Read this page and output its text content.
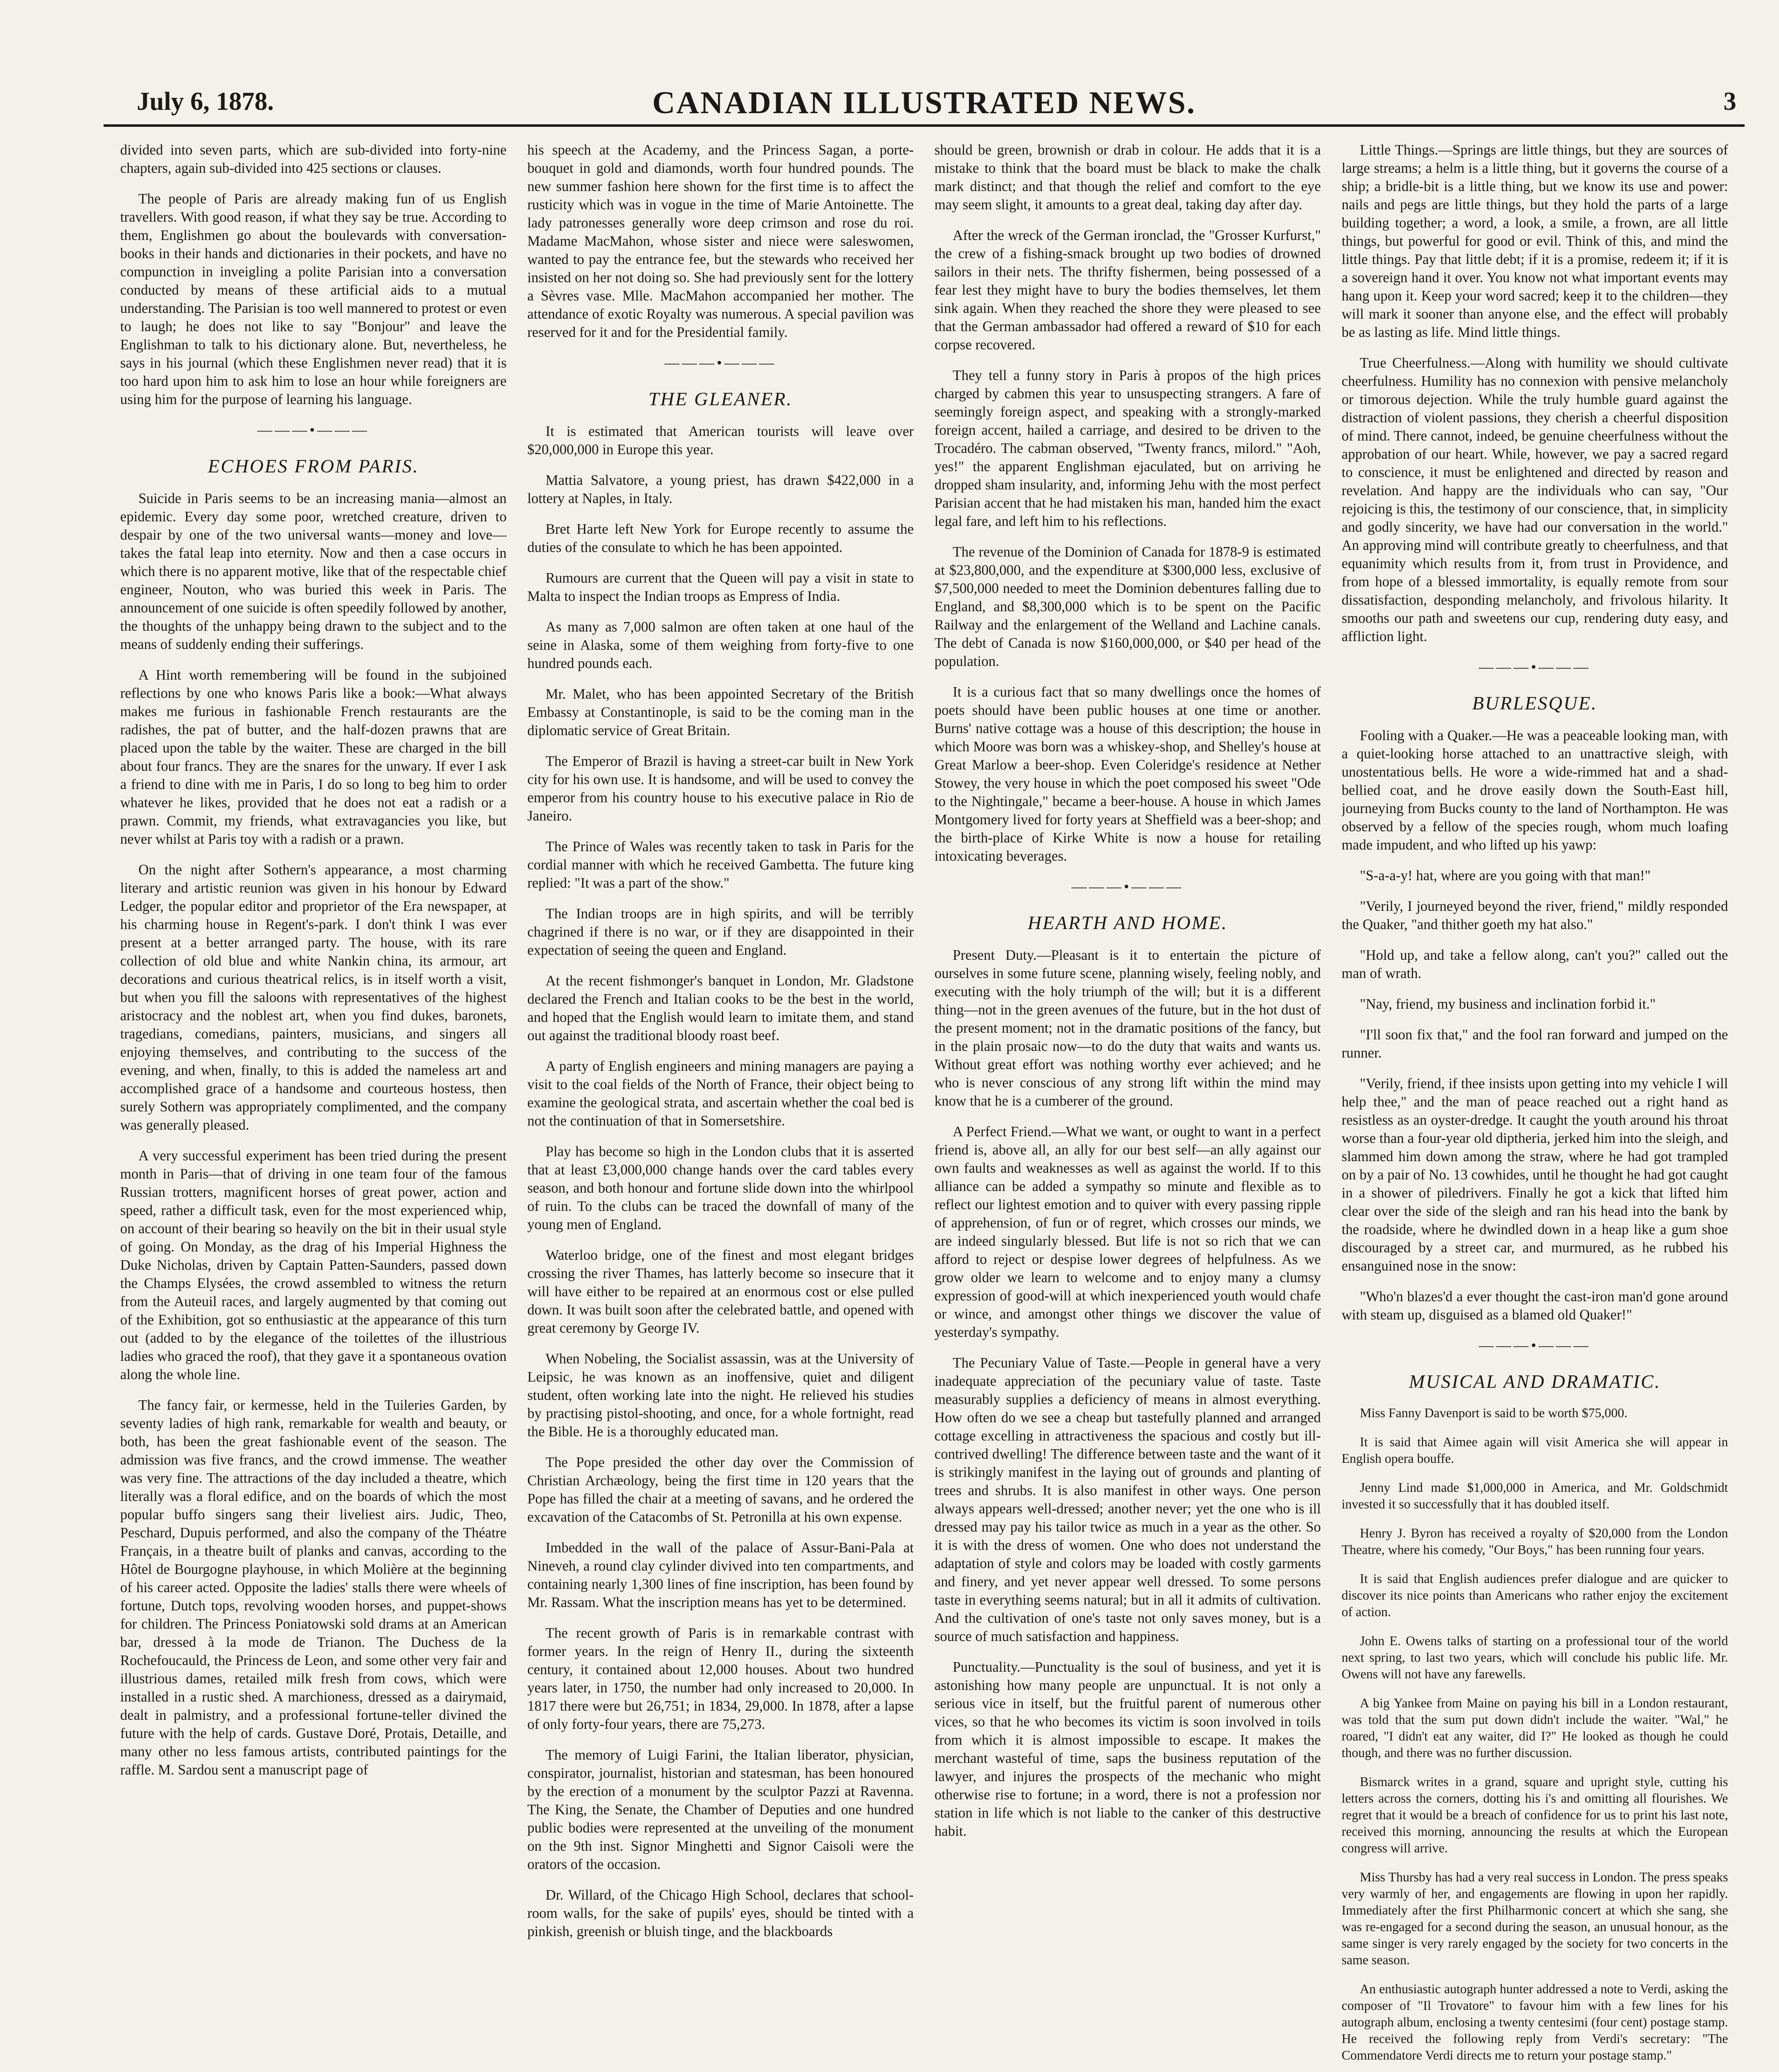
July 6, 1878.	CANADIAN ILLUSTRATED NEWS.	3

divided into seven parts, which are sub-divided into forty-nine chapters, again sub-divided into 425 sections or clauses.

The people of Paris are already making fun of us English travellers. With good reason, if what they say be true. According to them, Englishmen go about the boulevards with conversation-books in their hands and dictionaries in their pockets, and have no compunction in inveigling a polite Parisian into a conversation conducted by means of these artificial aids to a mutual understanding. The Parisian is too well mannered to protest or even to laugh; he does not like to say "Bonjour" and leave the Englishman to talk to his dictionary alone. But, nevertheless, he says in his journal (which these Englishmen never read) that it is too hard upon him to ask him to lose an hour while foreigners are using him for the purpose of learning his language.

———•———
ECHOES FROM PARIS.

Suicide in Paris seems to be an increasing mania—almost an epidemic. Every day some poor, wretched creature, driven to despair by one of the two universal wants—money and love—takes the fatal leap into eternity. Now and then a case occurs in which there is no apparent motive, like that of the respectable chief engineer, Nouton, who was buried this week in Paris. The announcement of one suicide is often speedily followed by another, the thoughts of the unhappy being drawn to the subject and to the means of suddenly ending their sufferings.

A Hint worth remembering will be found in the subjoined reflections by one who knows Paris like a book:—What always makes me furious in fashionable French restaurants are the radishes, the pat of butter, and the half-dozen prawns that are placed upon the table by the waiter. These are charged in the bill about four francs. They are the snares for the unwary. If ever I ask a friend to dine with me in Paris, I do so long to beg him to order whatever he likes, provided that he does not eat a radish or a prawn. Commit, my friends, what extravagancies you like, but never whilst at Paris toy with a radish or a prawn.

On the night after Sothern's appearance, a most charming literary and artistic reunion was given in his honour by Edward Ledger, the popular editor and proprietor of the Era newspaper, at his charming house in Regent's-park. I don't think I was ever present at a better arranged party. The house, with its rare collection of old blue and white Nankin china, its armour, art decorations and curious theatrical relics, is in itself worth a visit, but when you fill the saloons with representatives of the highest aristocracy and the noblest art, when you find dukes, baronets, tragedians, comedians, painters, musicians, and singers all enjoying themselves, and contributing to the success of the evening, and when, finally, to this is added the nameless art and accomplished grace of a handsome and courteous hostess, then surely Sothern was appropriately complimented, and the company was generally pleased.

A very successful experiment has been tried during the present month in Paris—that of driving in one team four of the famous Russian trotters, magnificent horses of great power, action and speed, rather a difficult task, even for the most experienced whip, on account of their bearing so heavily on the bit in their usual style of going. On Monday, as the drag of his Imperial Highness the Duke Nicholas, driven by Captain Patten-Saunders, passed down the Champs Elysées, the crowd assembled to witness the return from the Auteuil races, and largely augmented by that coming out of the Exhibition, got so enthusiastic at the appearance of this turn out (added to by the elegance of the toilettes of the illustrious ladies who graced the roof), that they gave it a spontaneous ovation along the whole line.

The fancy fair, or kermesse, held in the Tuileries Garden, by seventy ladies of high rank, remarkable for wealth and beauty, or both, has been the great fashionable event of the season. The admission was five francs, and the crowd immense. The weather was very fine. The attractions of the day included a theatre, which literally was a floral edifice, and on the boards of which the most popular buffo singers sang their liveliest airs. Judic, Theo, Peschard, Dupuis performed, and also the company of the Théatre Français, in a theatre built of planks and canvas, according to the Hôtel de Bourgogne playhouse, in which Molière at the beginning of his career acted. Opposite the ladies' stalls there were wheels of fortune, Dutch tops, revolving wooden horses, and puppet-shows for children. The Princess Poniatowski sold drams at an American bar, dressed à la mode de Trianon. The Duchess de la Rochefoucauld, the Princess de Leon, and some other very fair and illustrious dames, retailed milk fresh from cows, which were installed in a rustic shed. A marchioness, dressed as a dairymaid, dealt in palmistry, and a professional fortune-teller divined the future with the help of cards. Gustave Doré, Protais, Detaille, and many other no less famous artists, contributed paintings for the raffle. M. Sardou sent a manuscript page of

his speech at the Academy, and the Princess Sagan, a porte-bouquet in gold and diamonds, worth four hundred pounds. The new summer fashion here shown for the first time is to affect the rusticity which was in vogue in the time of Marie Antoinette. The lady patronesses generally wore deep crimson and rose du roi. Madame MacMahon, whose sister and niece were saleswomen, wanted to pay the entrance fee, but the stewards who received her insisted on her not doing so. She had previously sent for the lottery a Sèvres vase. Mlle. MacMahon accompanied her mother. The attendance of exotic Royalty was numerous. A special pavilion was reserved for it and for the Presidential family.

———•———
THE GLEANER.

It is estimated that American tourists will leave over $20,000,000 in Europe this year.

Mattia Salvatore, a young priest, has drawn $422,000 in a lottery at Naples, in Italy.

Bret Harte left New York for Europe recently to assume the duties of the consulate to which he has been appointed.

Rumours are current that the Queen will pay a visit in state to Malta to inspect the Indian troops as Empress of India.

As many as 7,000 salmon are often taken at one haul of the seine in Alaska, some of them weighing from forty-five to one hundred pounds each.

Mr. Malet, who has been appointed Secretary of the British Embassy at Constantinople, is said to be the coming man in the diplomatic service of Great Britain.

The Emperor of Brazil is having a street-car built in New York city for his own use. It is handsome, and will be used to convey the emperor from his country house to his executive palace in Rio de Janeiro.

The Prince of Wales was recently taken to task in Paris for the cordial manner with which he received Gambetta. The future king replied: "It was a part of the show."

The Indian troops are in high spirits, and will be terribly chagrined if there is no war, or if they are disappointed in their expectation of seeing the queen and England.

At the recent fishmonger's banquet in London, Mr. Gladstone declared the French and Italian cooks to be the best in the world, and hoped that the English would learn to imitate them, and stand out against the traditional bloody roast beef.

A party of English engineers and mining managers are paying a visit to the coal fields of the North of France, their object being to examine the geological strata, and ascertain whether the coal bed is not the continuation of that in Somersetshire.

Play has become so high in the London clubs that it is asserted that at least £3,000,000 change hands over the card tables every season, and both honour and fortune slide down into the whirlpool of ruin. To the clubs can be traced the downfall of many of the young men of England.

Waterloo bridge, one of the finest and most elegant bridges crossing the river Thames, has latterly become so insecure that it will have either to be repaired at an enormous cost or else pulled down. It was built soon after the celebrated battle, and opened with great ceremony by George IV.

When Nobeling, the Socialist assassin, was at the University of Leipsic, he was known as an inoffensive, quiet and diligent student, often working late into the night. He relieved his studies by practising pistol-shooting, and once, for a whole fortnight, read the Bible. He is a thoroughly educated man.

The Pope presided the other day over the Commission of Christian Archæology, being the first time in 120 years that the Pope has filled the chair at a meeting of savans, and he ordered the excavation of the Catacombs of St. Petronilla at his own expense.

Imbedded in the wall of the palace of Assur-Bani-Pala at Nineveh, a round clay cylinder divived into ten compartments, and containing nearly 1,300 lines of fine inscription, has been found by Mr. Rassam. What the inscription means has yet to be determined.

The recent growth of Paris is in remarkable contrast with former years. In the reign of Henry II., during the sixteenth century, it contained about 12,000 houses. About two hundred years later, in 1750, the number had only increased to 20,000. In 1817 there were but 26,751; in 1834, 29,000. In 1878, after a lapse of only forty-four years, there are 75,273.

The memory of Luigi Farini, the Italian liberator, physician, conspirator, journalist, historian and statesman, has been honoured by the erection of a monument by the sculptor Pazzi at Ravenna. The King, the Senate, the Chamber of Deputies and one hundred public bodies were represented at the unveiling of the monument on the 9th inst. Signor Minghetti and Signor Caisoli were the orators of the occasion.

Dr. Willard, of the Chicago High School, declares that school-room walls, for the sake of pupils' eyes, should be tinted with a pinkish, greenish or bluish tinge, and the blackboards

should be green, brownish or drab in colour. He adds that it is a mistake to think that the board must be black to make the chalk mark distinct; and that though the relief and comfort to the eye may seem slight, it amounts to a great deal, taking day after day.

After the wreck of the German ironclad, the "Grosser Kurfurst," the crew of a fishing-smack brought up two bodies of drowned sailors in their nets. The thrifty fishermen, being possessed of a fear lest they might have to bury the bodies themselves, let them sink again. When they reached the shore they were pleased to see that the German ambassador had offered a reward of $10 for each corpse recovered.

They tell a funny story in Paris à propos of the high prices charged by cabmen this year to unsuspecting strangers. A fare of seemingly foreign aspect, and speaking with a strongly-marked foreign accent, hailed a carriage, and desired to be driven to the Trocadéro. The cabman observed, "Twenty francs, milord." "Aoh, yes!" the apparent Englishman ejaculated, but on arriving he dropped sham insularity, and, informing Jehu with the most perfect Parisian accent that he had mistaken his man, handed him the exact legal fare, and left him to his reflections.

The revenue of the Dominion of Canada for 1878-9 is estimated at $23,800,000, and the expenditure at $300,000 less, exclusive of $7,500,000 needed to meet the Dominion debentures falling due to England, and $8,300,000 which is to be spent on the Pacific Railway and the enlargement of the Welland and Lachine canals. The debt of Canada is now $160,000,000, or $40 per head of the population.

It is a curious fact that so many dwellings once the homes of poets should have been public houses at one time or another. Burns' native cottage was a house of this description; the house in which Moore was born was a whiskey-shop, and Shelley's house at Great Marlow a beer-shop. Even Coleridge's residence at Nether Stowey, the very house in which the poet composed his sweet "Ode to the Nightingale," became a beer-house. A house in which James Montgomery lived for forty years at Sheffield was a beer-shop; and the birth-place of Kirke White is now a house for retailing intoxicating beverages.

———•———
HEARTH AND HOME.

Present Duty.—Pleasant is it to entertain the picture of ourselves in some future scene, planning wisely, feeling nobly, and executing with the holy triumph of the will; but it is a different thing—not in the green avenues of the future, but in the hot dust of the present moment; not in the dramatic positions of the fancy, but in the plain prosaic now—to do the duty that waits and wants us. Without great effort was nothing worthy ever achieved; and he who is never conscious of any strong lift within the mind may know that he is a cumberer of the ground.

A Perfect Friend.—What we want, or ought to want in a perfect friend is, above all, an ally for our best self—an ally against our own faults and weaknesses as well as against the world. If to this alliance can be added a sympathy so minute and flexible as to reflect our lightest emotion and to quiver with every passing ripple of apprehension, of fun or of regret, which crosses our minds, we are indeed singularly blessed. But life is not so rich that we can afford to reject or despise lower degrees of helpfulness. As we grow older we learn to welcome and to enjoy many a clumsy expression of good-will at which inexperienced youth would chafe or wince, and amongst other things we discover the value of yesterday's sympathy.

The Pecuniary Value of Taste.—People in general have a very inadequate appreciation of the pecuniary value of taste. Taste measurably supplies a deficiency of means in almost everything. How often do we see a cheap but tastefully planned and arranged cottage excelling in attractiveness the spacious and costly but ill-contrived dwelling! The difference between taste and the want of it is strikingly manifest in the laying out of grounds and planting of trees and shrubs. It is also manifest in other ways. One person always appears well-dressed; another never; yet the one who is ill dressed may pay his tailor twice as much in a year as the other. So it is with the dress of women. One who does not understand the adaptation of style and colors may be loaded with costly garments and finery, and yet never appear well dressed. To some persons taste in everything seems natural; but in all it admits of cultivation. And the cultivation of one's taste not only saves money, but is a source of much satisfaction and happiness.

Punctuality.—Punctuality is the soul of business, and yet it is astonishing how many people are unpunctual. It is not only a serious vice in itself, but the fruitful parent of numerous other vices, so that he who becomes its victim is soon involved in toils from which it is almost impossible to escape. It makes the merchant wasteful of time, saps the business reputation of the lawyer, and injures the prospects of the mechanic who might otherwise rise to fortune; in a word, there is not a profession nor station in life which is not liable to the canker of this destructive habit.

Little Things.—Springs are little things, but they are sources of large streams; a helm is a little thing, but it governs the course of a ship; a bridle-bit is a little thing, but we know its use and power: nails and pegs are little things, but they hold the parts of a large building together; a word, a look, a smile, a frown, are all little things, but powerful for good or evil. Think of this, and mind the little things. Pay that little debt; if it is a promise, redeem it; if it is a sovereign hand it over. You know not what important events may hang upon it. Keep your word sacred; keep it to the children—they will mark it sooner than anyone else, and the effect will probably be as lasting as life. Mind little things.

True Cheerfulness.—Along with humility we should cultivate cheerfulness. Humility has no connexion with pensive melancholy or timorous dejection. While the truly humble guard against the distraction of violent passions, they cherish a cheerful disposition of mind. There cannot, indeed, be genuine cheerfulness without the approbation of our heart. While, however, we pay a sacred regard to conscience, it must be enlightened and directed by reason and revelation. And happy are the individuals who can say, "Our rejoicing is this, the testimony of our conscience, that, in simplicity and godly sincerity, we have had our conversation in the world." An approving mind will contribute greatly to cheerfulness, and that equanimity which results from it, from trust in Providence, and from hope of a blessed immortality, is equally remote from sour dissatisfaction, desponding melancholy, and frivolous hilarity. It smooths our path and sweetens our cup, rendering duty easy, and affliction light.

———•———
BURLESQUE.

Fooling with a Quaker.—He was a peaceable looking man, with a quiet-looking horse attached to an unattractive sleigh, with unostentatious bells. He wore a wide-rimmed hat and a shad-bellied coat, and he drove easily down the South-East hill, journeying from Bucks county to the land of Northampton. He was observed by a fellow of the species rough, whom much loafing made impudent, and who lifted up his yawp:

"S-a-a-y! hat, where are you going with that man!"

"Verily, I journeyed beyond the river, friend," mildly responded the Quaker, "and thither goeth my hat also."

"Hold up, and take a fellow along, can't you?" called out the man of wrath.

"Nay, friend, my business and inclination forbid it."

"I'll soon fix that," and the fool ran forward and jumped on the runner.

"Verily, friend, if thee insists upon getting into my vehicle I will help thee," and the man of peace reached out a right hand as resistless as an oyster-dredge. It caught the youth around his throat worse than a four-year old diptheria, jerked him into the sleigh, and slammed him down among the straw, where he had got trampled on by a pair of No. 13 cowhides, until he thought he had got caught in a shower of piledrivers. Finally he got a kick that lifted him clear over the side of the sleigh and ran his head into the bank by the roadside, where he dwindled down in a heap like a gum shoe discouraged by a street car, and murmured, as he rubbed his ensanguined nose in the snow:

"Who'n blazes'd a ever thought the cast-iron man'd gone around with steam up, disguised as a blamed old Quaker!"

———•———
MUSICAL AND DRAMATIC.

Miss Fanny Davenport is said to be worth $75,000.

It is said that Aimee again will visit America she will appear in English opera bouffe.

Jenny Lind made $1,000,000 in America, and Mr. Goldschmidt invested it so successfully that it has doubled itself.

Henry J. Byron has received a royalty of $20,000 from the London Theatre, where his comedy, "Our Boys," has been running four years.

It is said that English audiences prefer dialogue and are quicker to discover its nice points than Americans who rather enjoy the excitement of action.

John E. Owens talks of starting on a professional tour of the world next spring, to last two years, which will conclude his public life. Mr. Owens will not have any farewells.

A big Yankee from Maine on paying his bill in a London restaurant, was told that the sum put down didn't include the waiter. "Wal," he roared, "I didn't eat any waiter, did I?" He looked as though he could though, and there was no further discussion.

Bismarck writes in a grand, square and upright style, cutting his letters across the corners, dotting his i's and omitting all flourishes. We regret that it would be a breach of confidence for us to print his last note, received this morning, announcing the results at which the European congress will arrive.

Miss Thursby has had a very real success in London. The press speaks very warmly of her, and engagements are flowing in upon her rapidly. Immediately after the first Philharmonic concert at which she sang, she was re-engaged for a second during the season, an unusual honour, as the same singer is very rarely engaged by the society for two concerts in the same season.

An enthusiastic autograph hunter addressed a note to Verdi, asking the composer of "Il Trovatore" to favour him with a few lines for his autograph album, enclosing a twenty centesimi (four cent) postage stamp. He received the following reply from Verdi's secretary: "The Commendatore Verdi directs me to return your postage stamp."
